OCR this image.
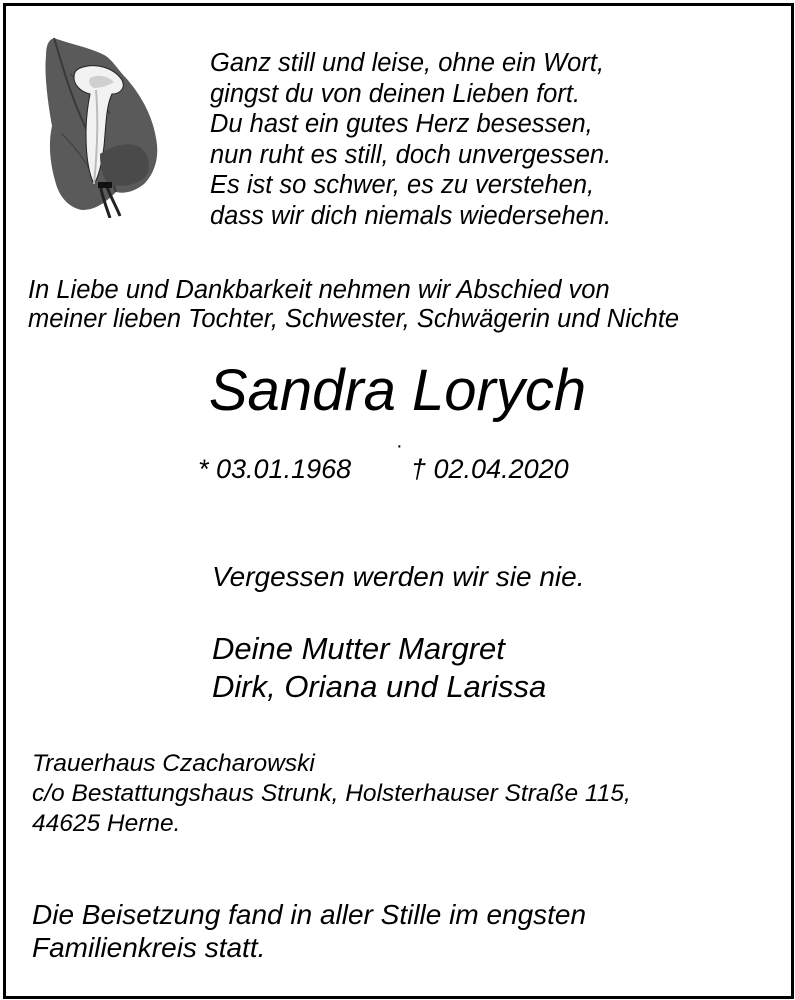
Ganz still und leise, ohne ein Wort,
gingst du von deinen Lieben fort.
Du hast ein gutes Herz besessen,
nun ruht es still, doch unvergessen.
Es ist so schwer, es zu verstehen,
dass wir dich niemals wiedersehen.
In Liebe und Dankbarkeit nehmen wir Abschied von
meiner lieben Tochter, Schwester, Schwägerin und Nichte
Sandra Lorych
·
* 03.01.1968 † 02.04.2020
Vergessen werden wir sie nie.
Deine Mutter Margret
Dirk, Oriana und Larissa
Trauerhaus Czacharowski
c/o Bestattungshaus Strunk, Holsterhauser Straße 115,
44625 Herne.
Die Beisetzung fand in aller Stille im engsten
Familienkreis statt.
